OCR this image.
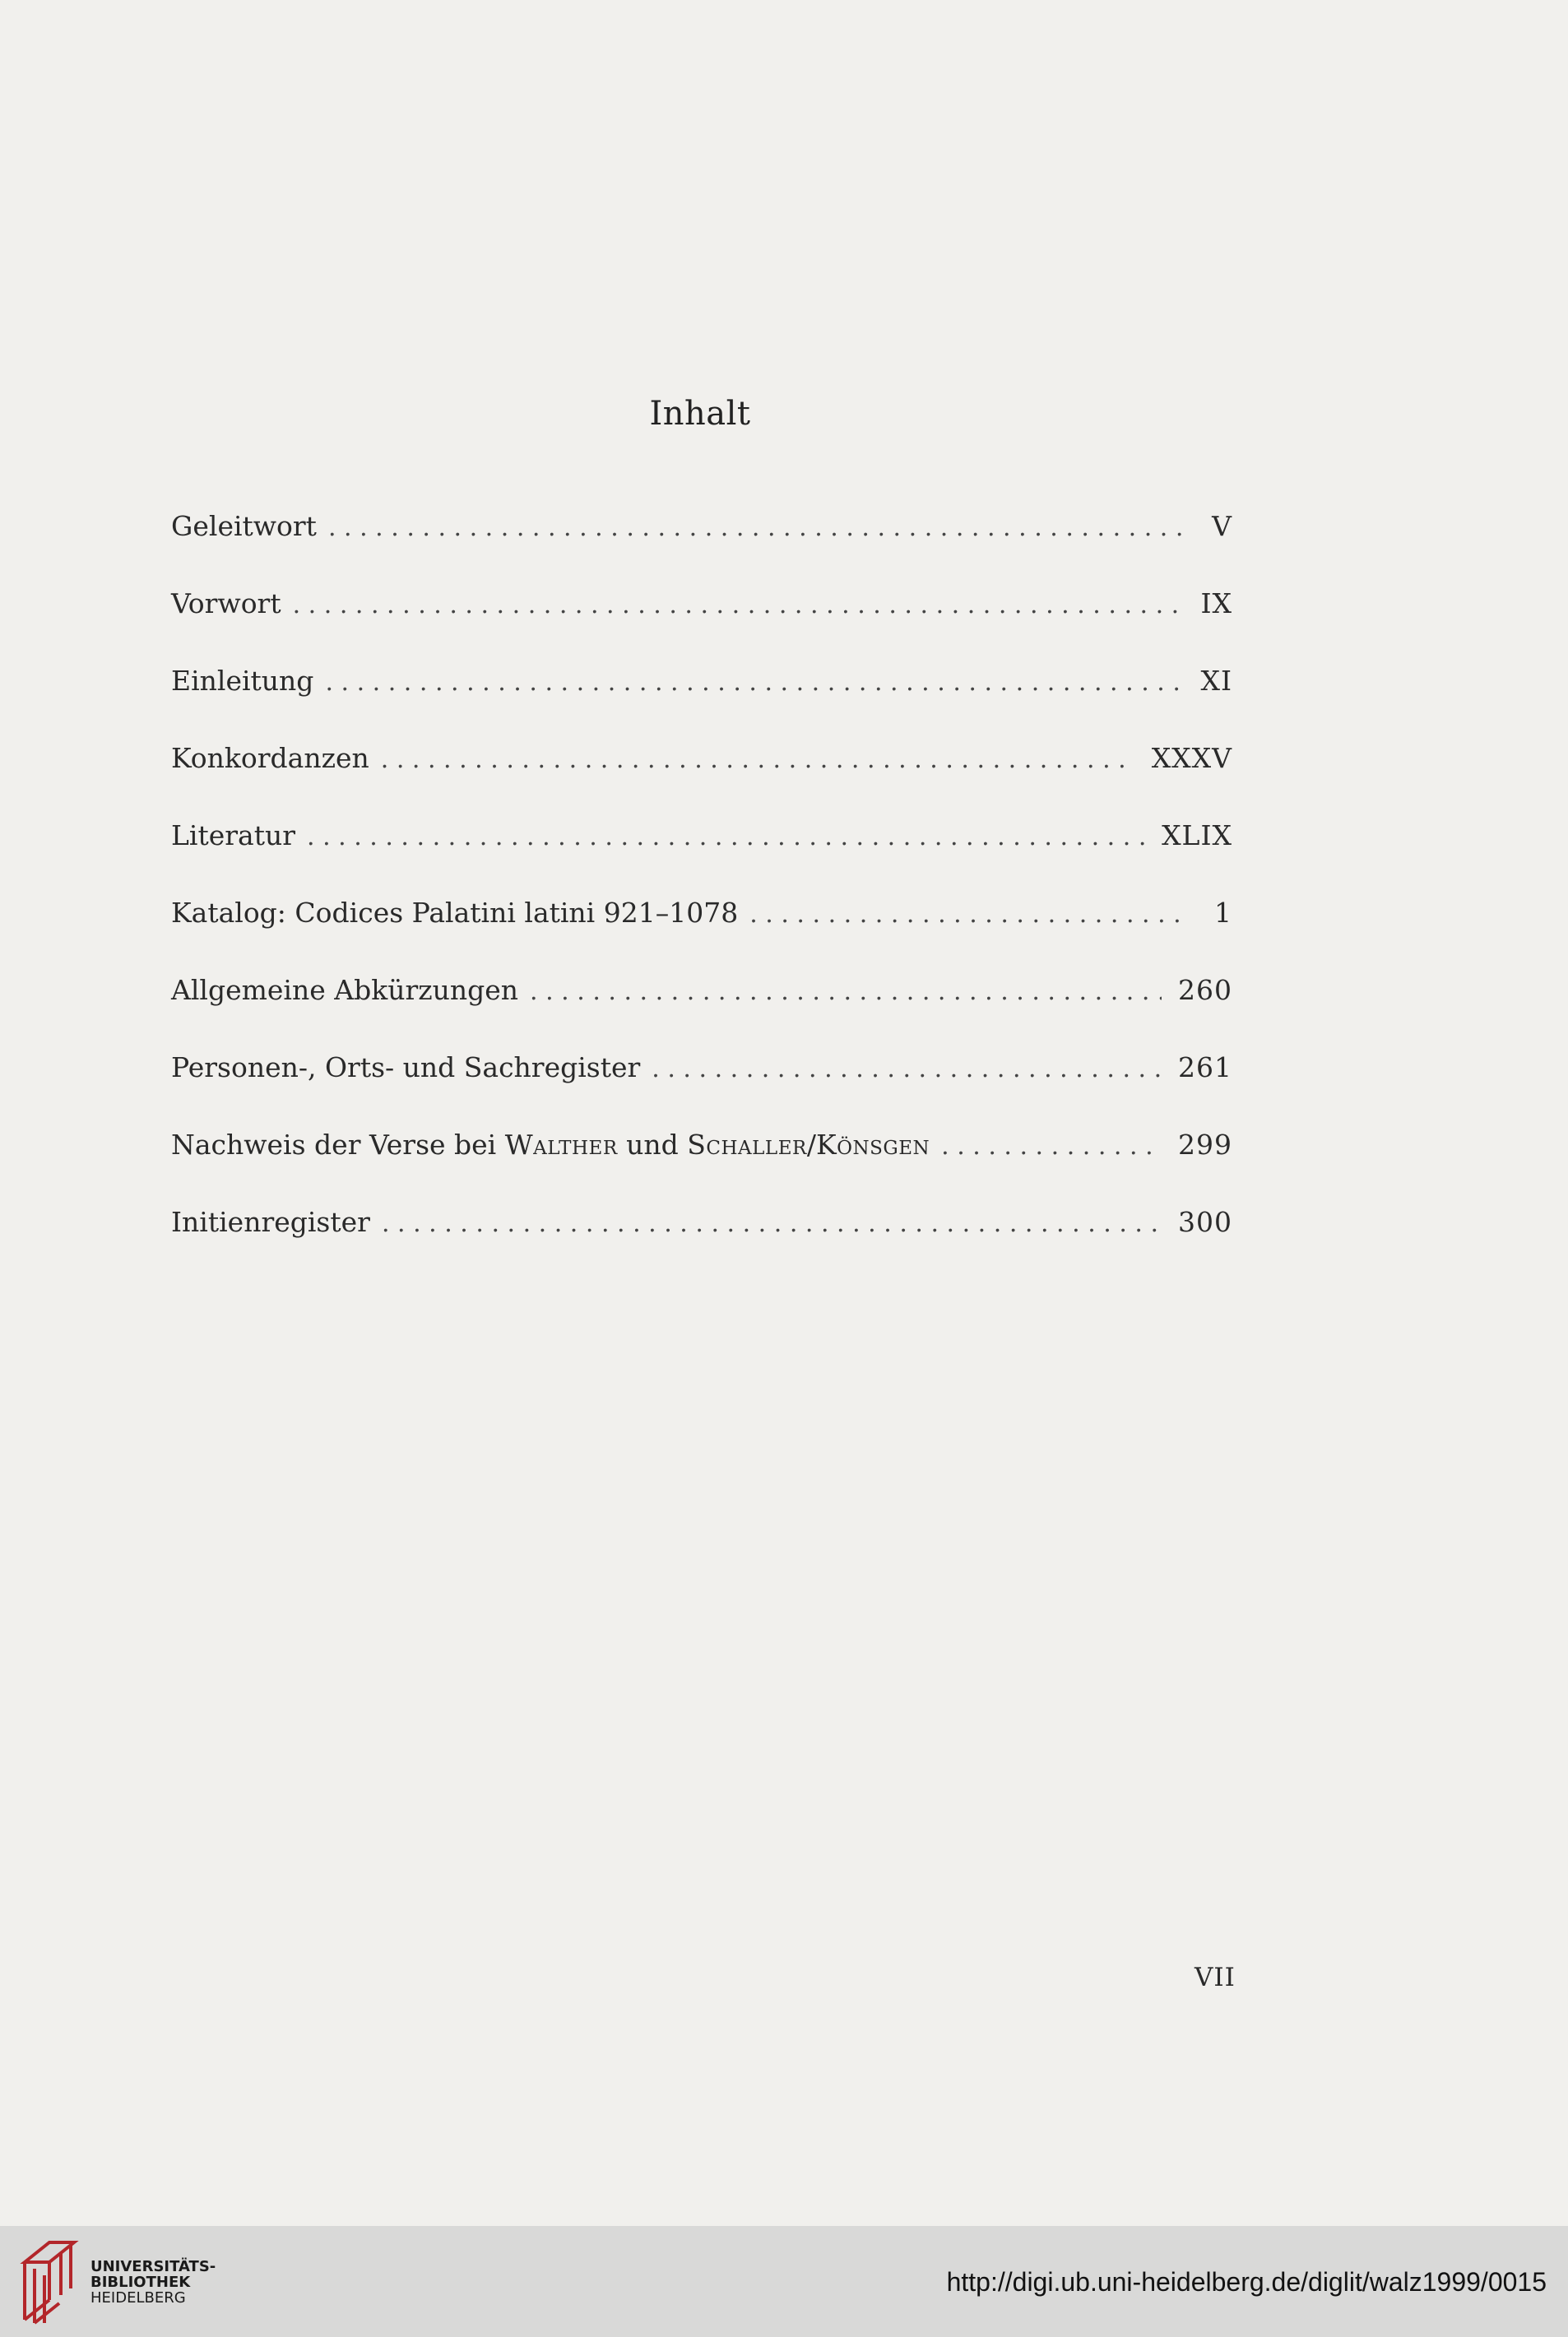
Inhalt
Geleitwort . . .	V
Vorwort . . .	IX
Einleitung . . .	XI
Konkordanzen . . .	XXXV
Literatur . . .	XLIX
Katalog: Codices Palatini latini 921–1078 . . .	1
Allgemeine Abkürzungen . . .	260
Personen-, Orts- und Sachregister . . .	261
Nachweis der Verse bei Walther und Schaller/Könsgen . . .	299
Initienregister . . .	300
VII
UNIVERSITÄTS-
BIBLIOTHEK
HEIDELBERG
http://digi.ub.uni-heidelberg.de/diglit/walz1999/0015
